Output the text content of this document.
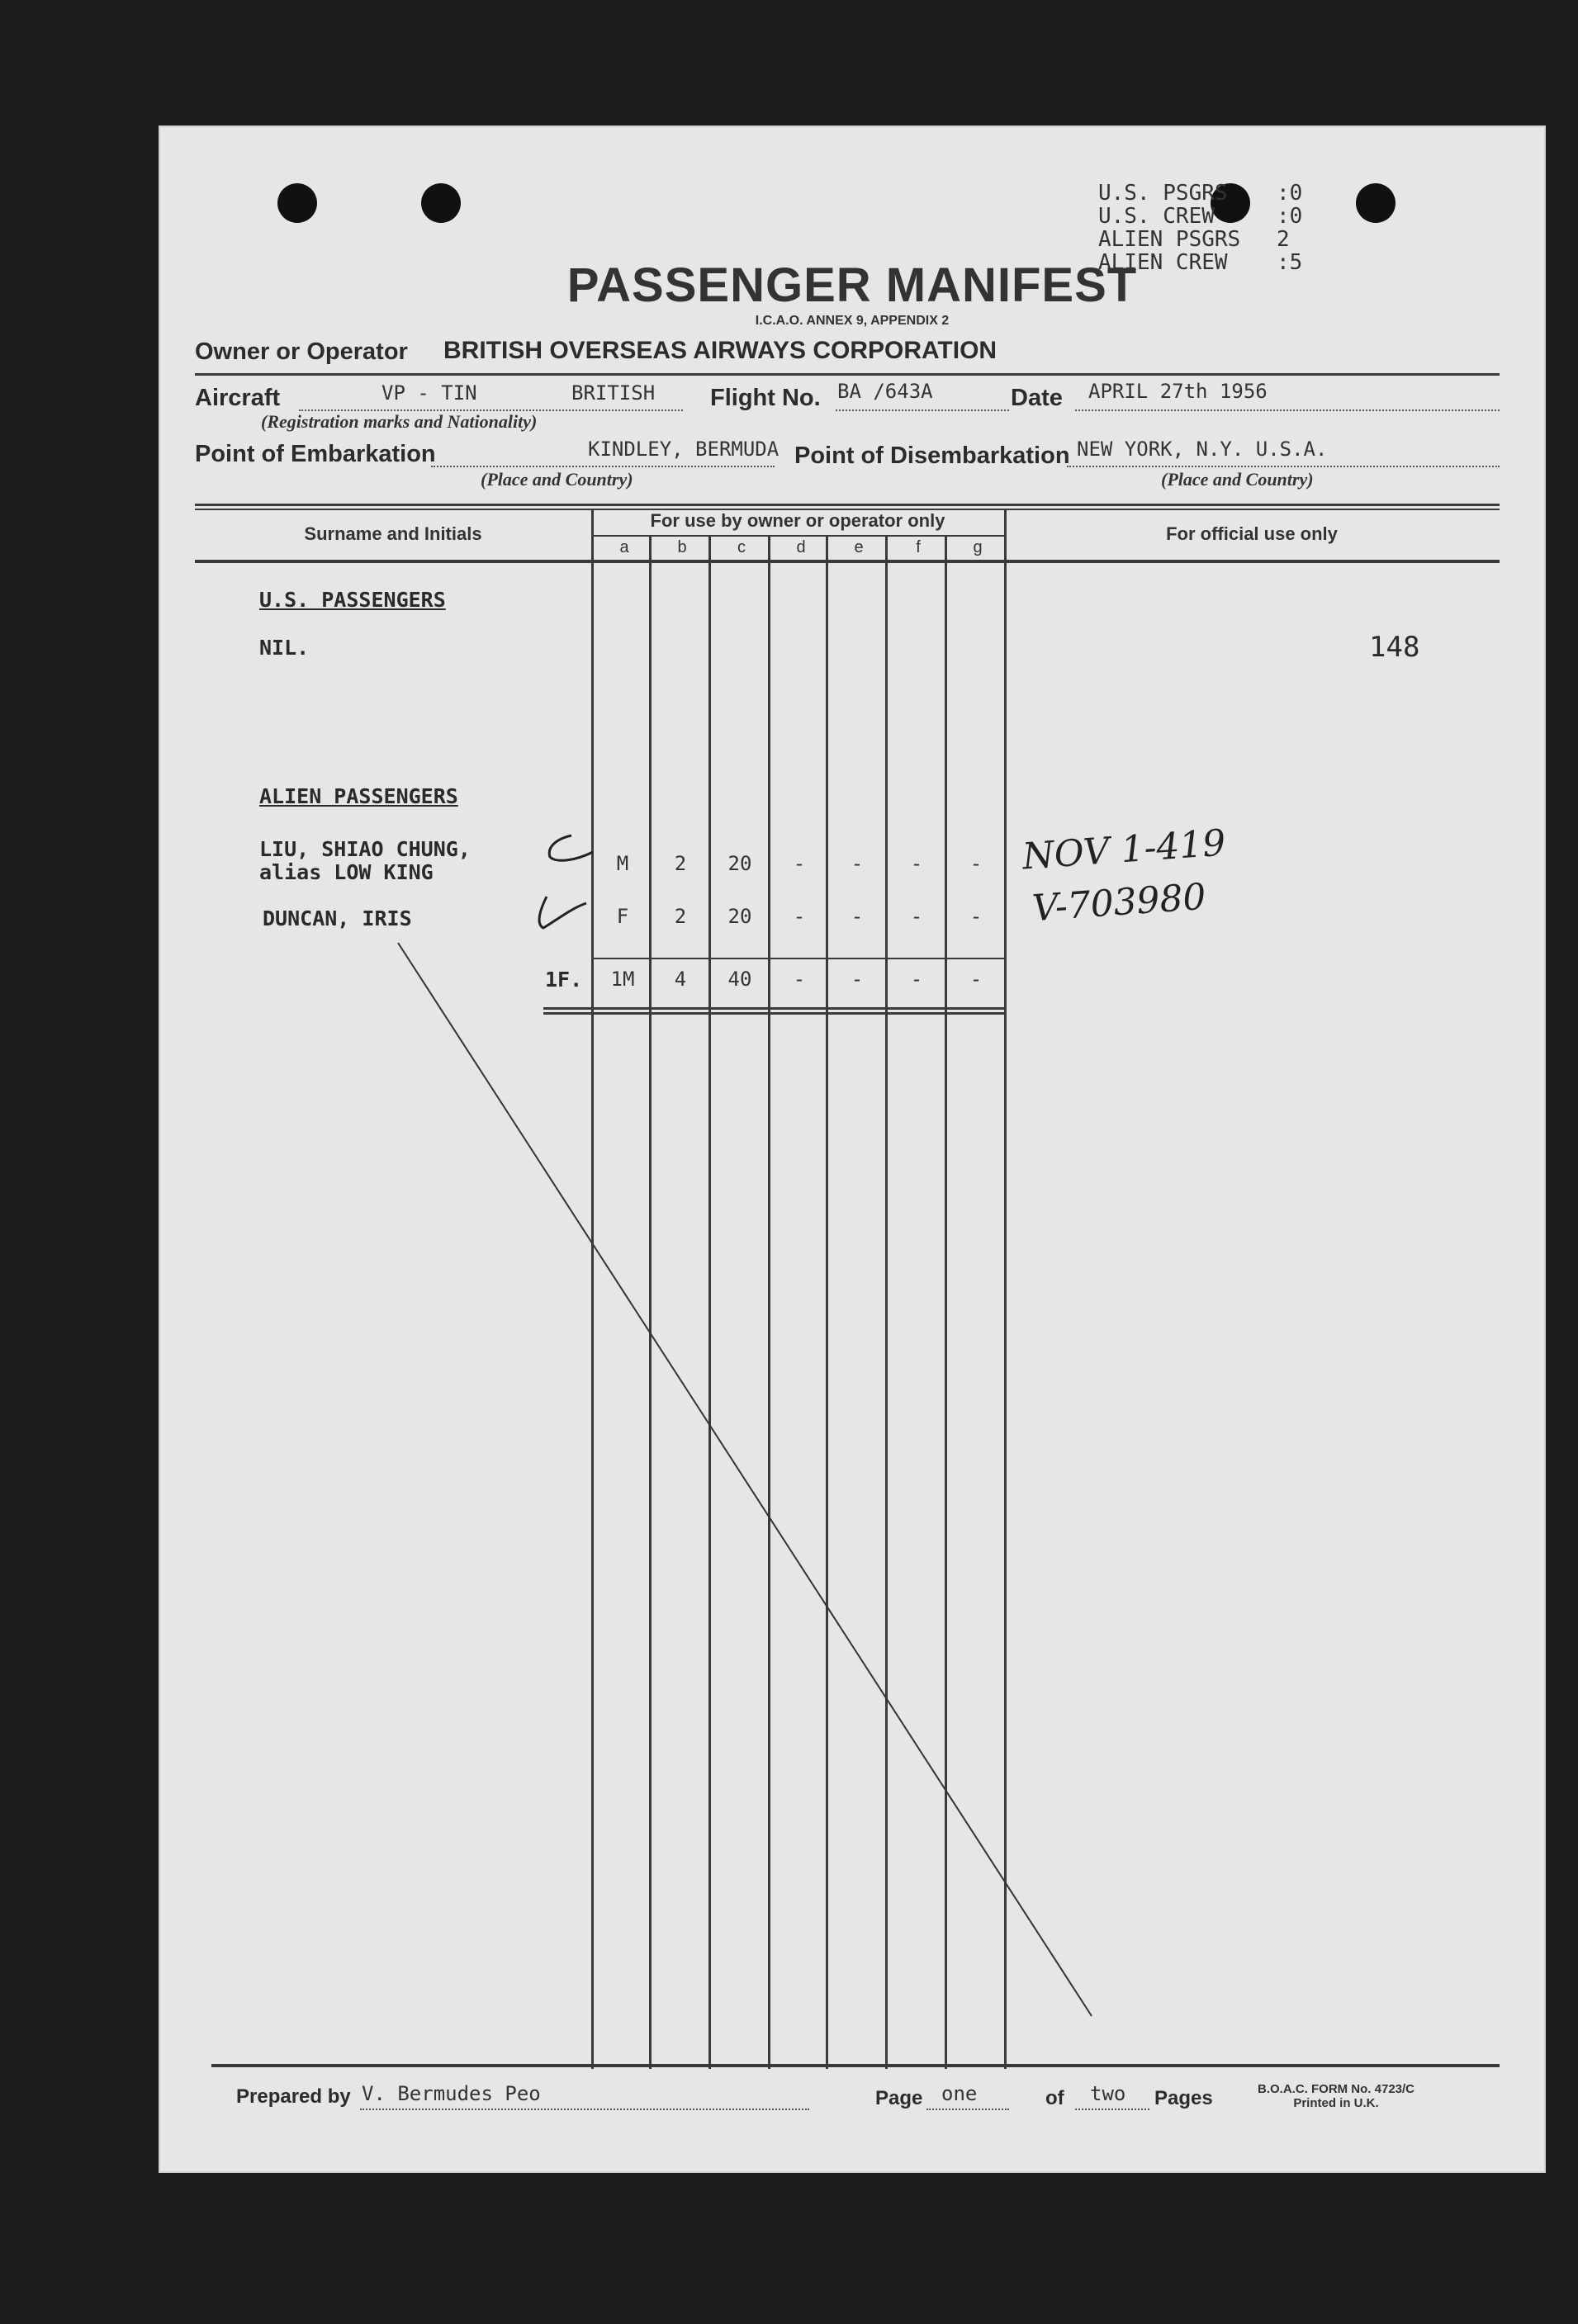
U.S. PSGRS	:0
U.S. CREW	:0
ALIEN PSGRS	2
ALIEN CREW	:5
PASSENGER MANIFEST
I.C.A.O. ANNEX 9, APPENDIX 2
Owner or Operator BRITISH OVERSEAS AIRWAYS CORPORATION
Aircraft	VP - TIN	BRITISH Flight No. BA /643A	Date APRIL 27th 1956
(Registration marks and Nationality)
Point of Embarkation	KINDLEY, BERMUDA Point of Disembarkation NEW YORK, N.Y. U.S.A.
(Place and Country)	(Place and Country)
Surname and Initials
For use by owner or operator only
For official use only
a	b	c	d	e	f	g
U.S. PASSENGERS
NIL.	148
ALIEN PASSENGERS
LIU, SHIAO CHUNG,
alias LOW KING	M	2	20	-	-	-	-
DUNCAN, IRIS	F	2	20	-	-	-	-
1F.	1M	4	40	-	-	-	-
NOV 1-419
V-703980
Prepared by V. Bermudes Peo	Page one	of two Pages	B.O.A.C. FORM No. 4723/C
Printed in U.K.
